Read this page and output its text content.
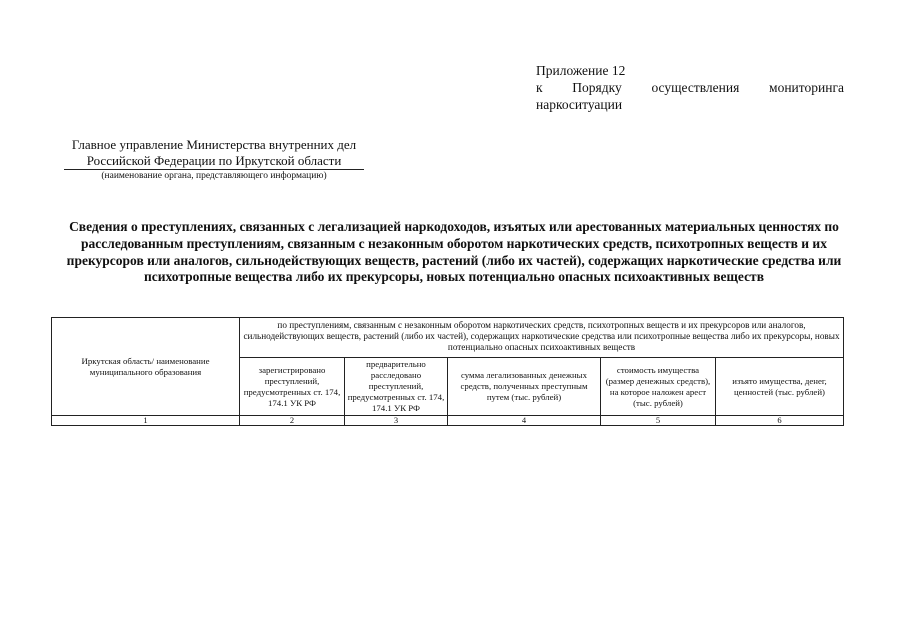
Приложение 12
к Порядку осуществления мониторинга
наркоситуации
Главное управление Министерства внутренних дел
Российской Федерации по Иркутской области
(наименование органа, представляющего информацию)
Сведения о преступлениях, связанных с легализацией наркодоходов, изъятых или арестованных материальных ценностях по расследованным преступлениям, связанным с незаконным оборотом наркотических средств, психотропных веществ и их прекурсоров или аналогов, сильнодействующих веществ, растений (либо их частей), содержащих наркотические средства или психотропные вещества либо их прекурсоры, новых потенциально опасных психоактивных веществ
Иркутская область/ наименование муниципального образования	по преступлениям, связанным с незаконным оборотом наркотических средств, психотропных веществ и их прекурсоров или аналогов, сильнодействующих веществ, растений (либо их частей), содержащих наркотические средства или психотропные вещества либо их прекурсоры, новых потенциально опасных психоактивных веществ				
	зарегистрировано преступлений, предусмотренных ст. 174, 174.1 УК РФ	предварительно расследовано преступлений, предусмотренных ст. 174, 174.1 УК РФ	сумма легализованных денежных средств, полученных преступным путем (тыс. рублей)	стоимость имущества (размер денежных средств), на которое наложен арест (тыс. рублей)	изъято имущества, денег, ценностей (тыс. рублей)
1	2	3	4	5	6
